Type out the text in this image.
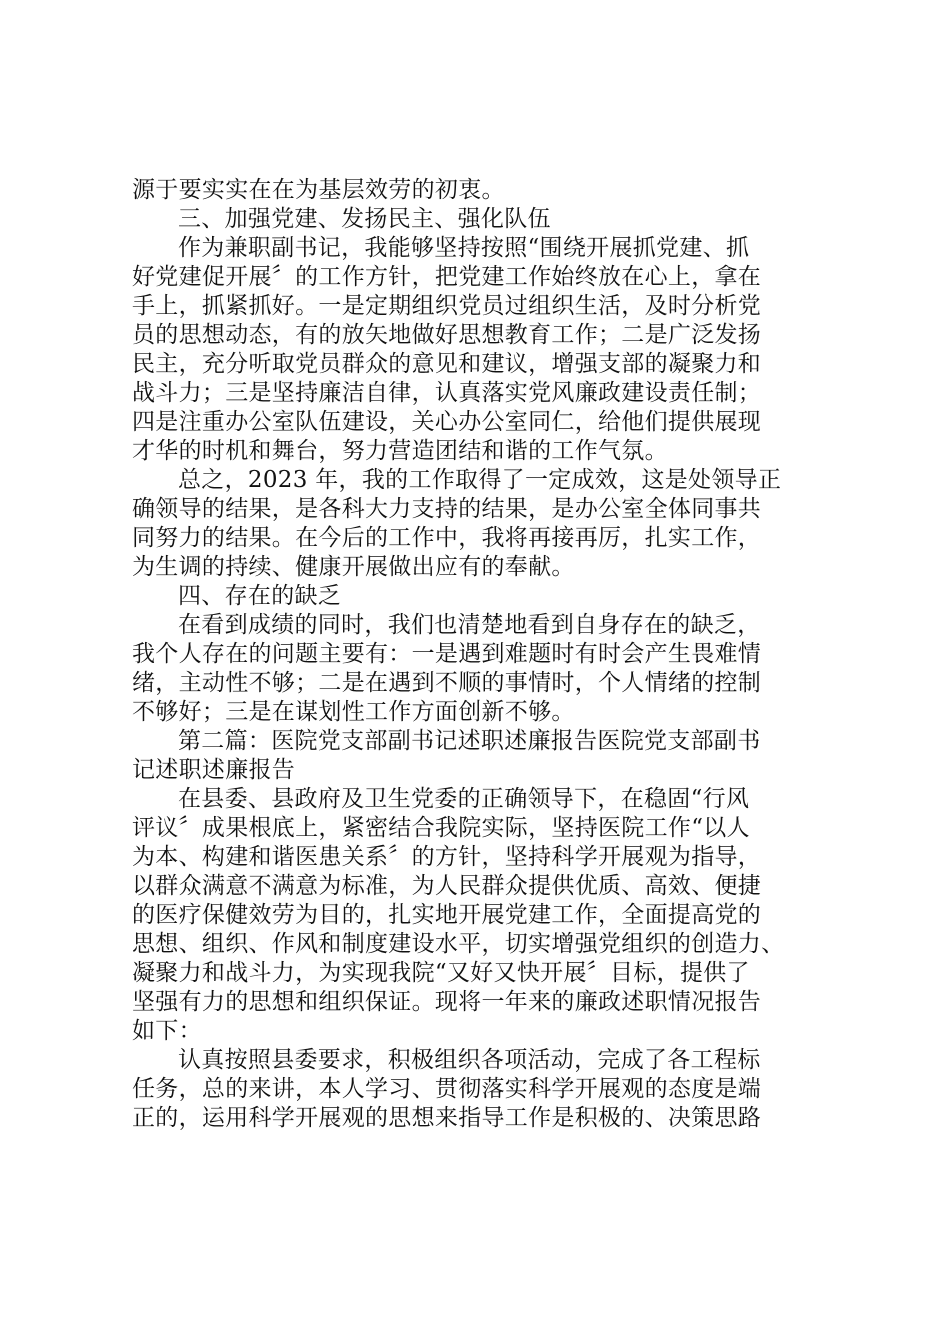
源于要实实在在为基层效劳的初衷。
三、加强党建、发扬民主、强化队伍
作为兼职副书记，我能够坚持按照“围绕开展抓党建、抓
好党建促开展〞的工作方针，把党建工作始终放在心上，拿在
手上，抓紧抓好。一是定期组织党员过组织生活，及时分析党
员的思想动态，有的放矢地做好思想教育工作；二是广泛发扬
民主，充分听取党员群众的意见和建议，增强支部的凝聚力和
战斗力；三是坚持廉洁自律，认真落实党风廉政建设责任制；
四是注重办公室队伍建设，关心办公室同仁，给他们提供展现
才华的时机和舞台，努力营造团结和谐的工作气氛。
总之，2023 年，我的工作取得了一定成效，这是处领导正
确领导的结果，是各科大力支持的结果，是办公室全体同事共
同努力的结果。在今后的工作中，我将再接再厉，扎实工作，
为生调的持续、健康开展做出应有的奉献。
四、存在的缺乏
在看到成绩的同时，我们也清楚地看到自身存在的缺乏，
我个人存在的问题主要有：一是遇到难题时有时会产生畏难情
绪，主动性不够；二是在遇到不顺的事情时，个人情绪的控制
不够好；三是在谋划性工作方面创新不够。
第二篇：医院党支部副书记述职述廉报告医院党支部副书
记述职述廉报告
在县委、县政府及卫生党委的正确领导下，在稳固“行风
评议〞成果根底上，紧密结合我院实际，坚持医院工作“以人
为本、构建和谐医患关系〞的方针，坚持科学开展观为指导，
以群众满意不满意为标准，为人民群众提供优质、高效、便捷
的医疗保健效劳为目的，扎实地开展党建工作，全面提高党的
思想、组织、作风和制度建设水平，切实增强党组织的创造力、
凝聚力和战斗力，为实现我院“又好又快开展〞目标，提供了
坚强有力的思想和组织保证。现将一年来的廉政述职情况报告
如下：
认真按照县委要求，积极组织各项活动，完成了各工程标
任务，总的来讲，本人学习、贯彻落实科学开展观的态度是端
正的，运用科学开展观的思想来指导工作是积极的、决策思路
